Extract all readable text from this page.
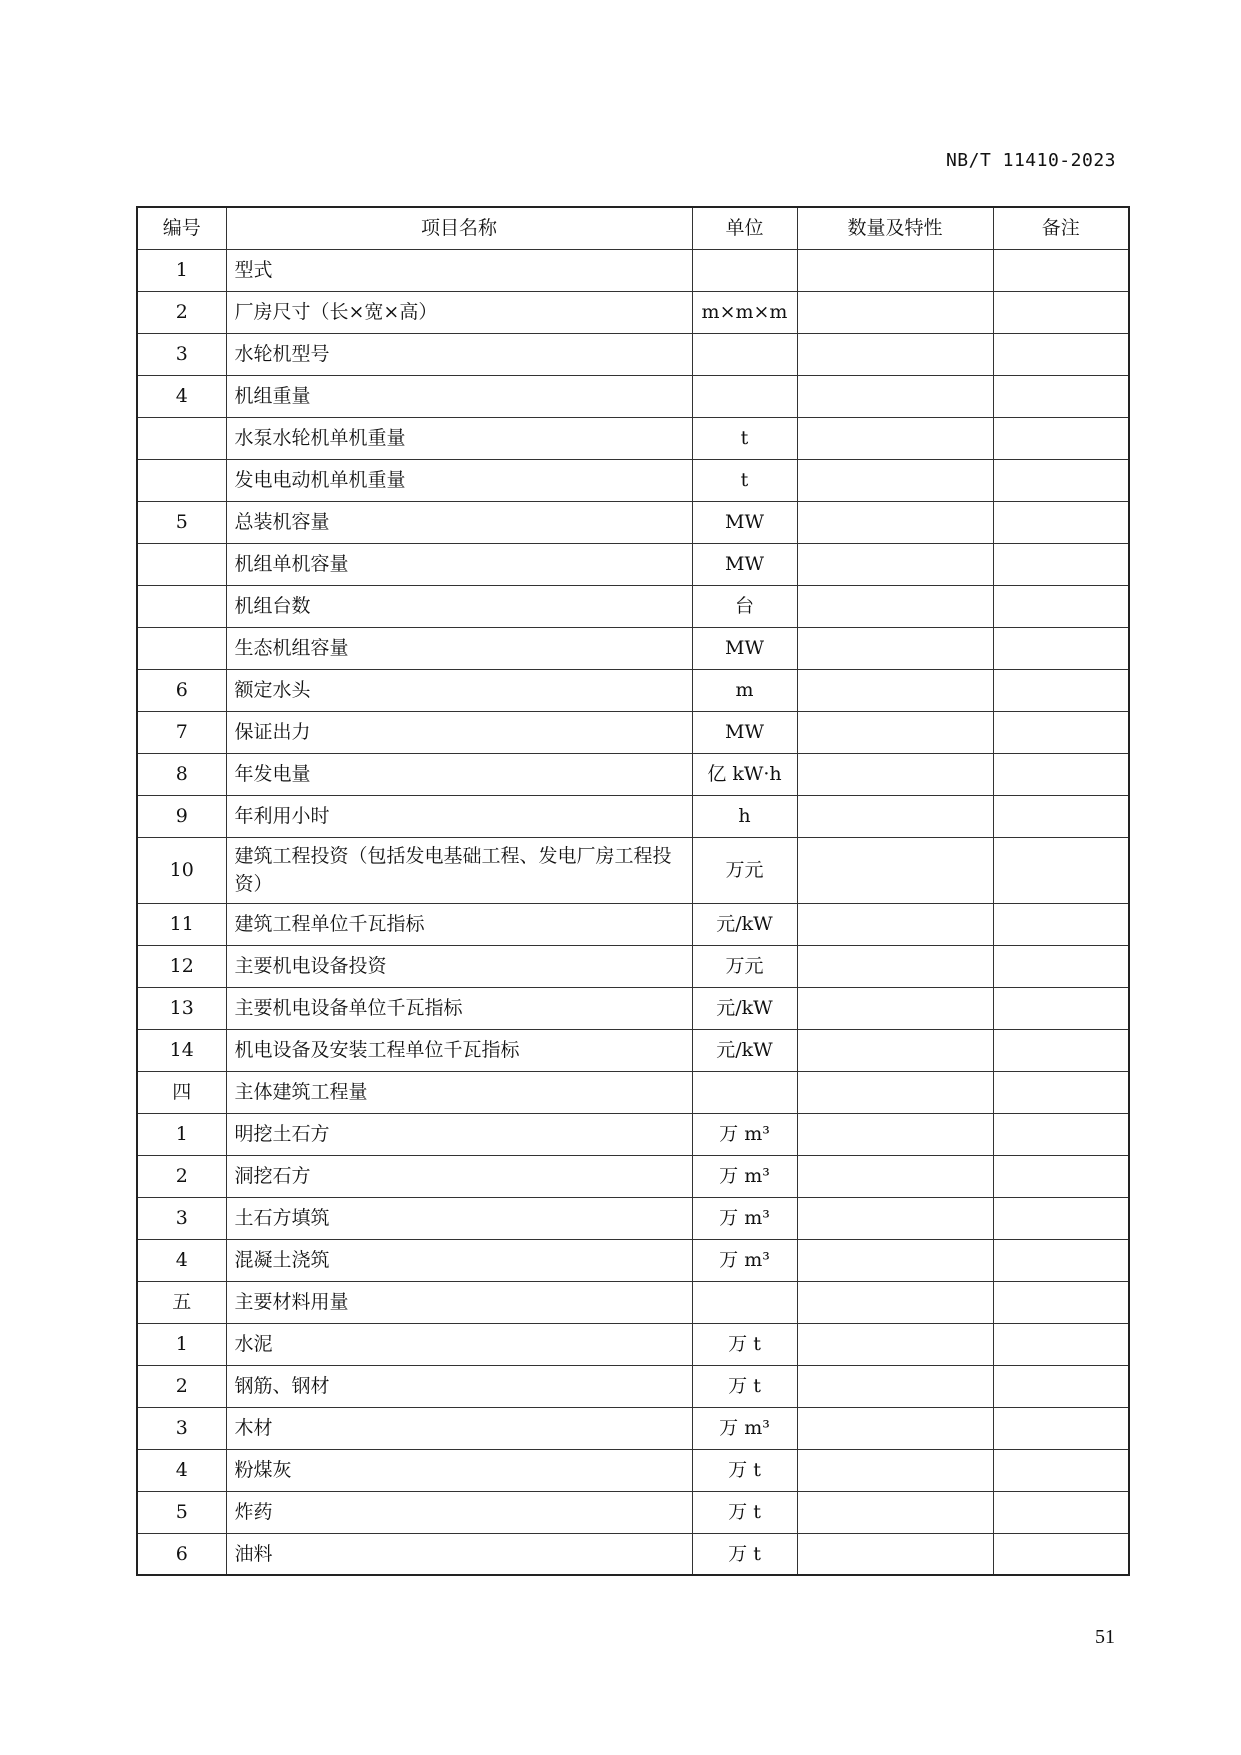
NB/T 11410-2023
编号	项目名称	单位	数量及特性	备注
1	型式			
2	厂房尺寸（长×宽×高）	m×m×m		
3	水轮机型号			
4	机组重量			
	水泵水轮机单机重量	t		
	发电电动机单机重量	t		
5	总装机容量	MW		
	机组单机容量	MW		
	机组台数	台		
	生态机组容量	MW		
6	额定水头	m		
7	保证出力	MW		
8	年发电量	亿 kW·h		
9	年利用小时	h		
10	建筑工程投资（包括发电基础工程、发电厂房工程投资）	万元		
11	建筑工程单位千瓦指标	元/kW		
12	主要机电设备投资	万元		
13	主要机电设备单位千瓦指标	元/kW		
14	机电设备及安装工程单位千瓦指标	元/kW		
四	主体建筑工程量			
1	明挖土石方	万 m³		
2	洞挖石方	万 m³		
3	土石方填筑	万 m³		
4	混凝土浇筑	万 m³		
五	主要材料用量			
1	水泥	万 t		
2	钢筋、钢材	万 t		
3	木材	万 m³		
4	粉煤灰	万 t		
5	炸药	万 t		
6	油料	万 t		
51
